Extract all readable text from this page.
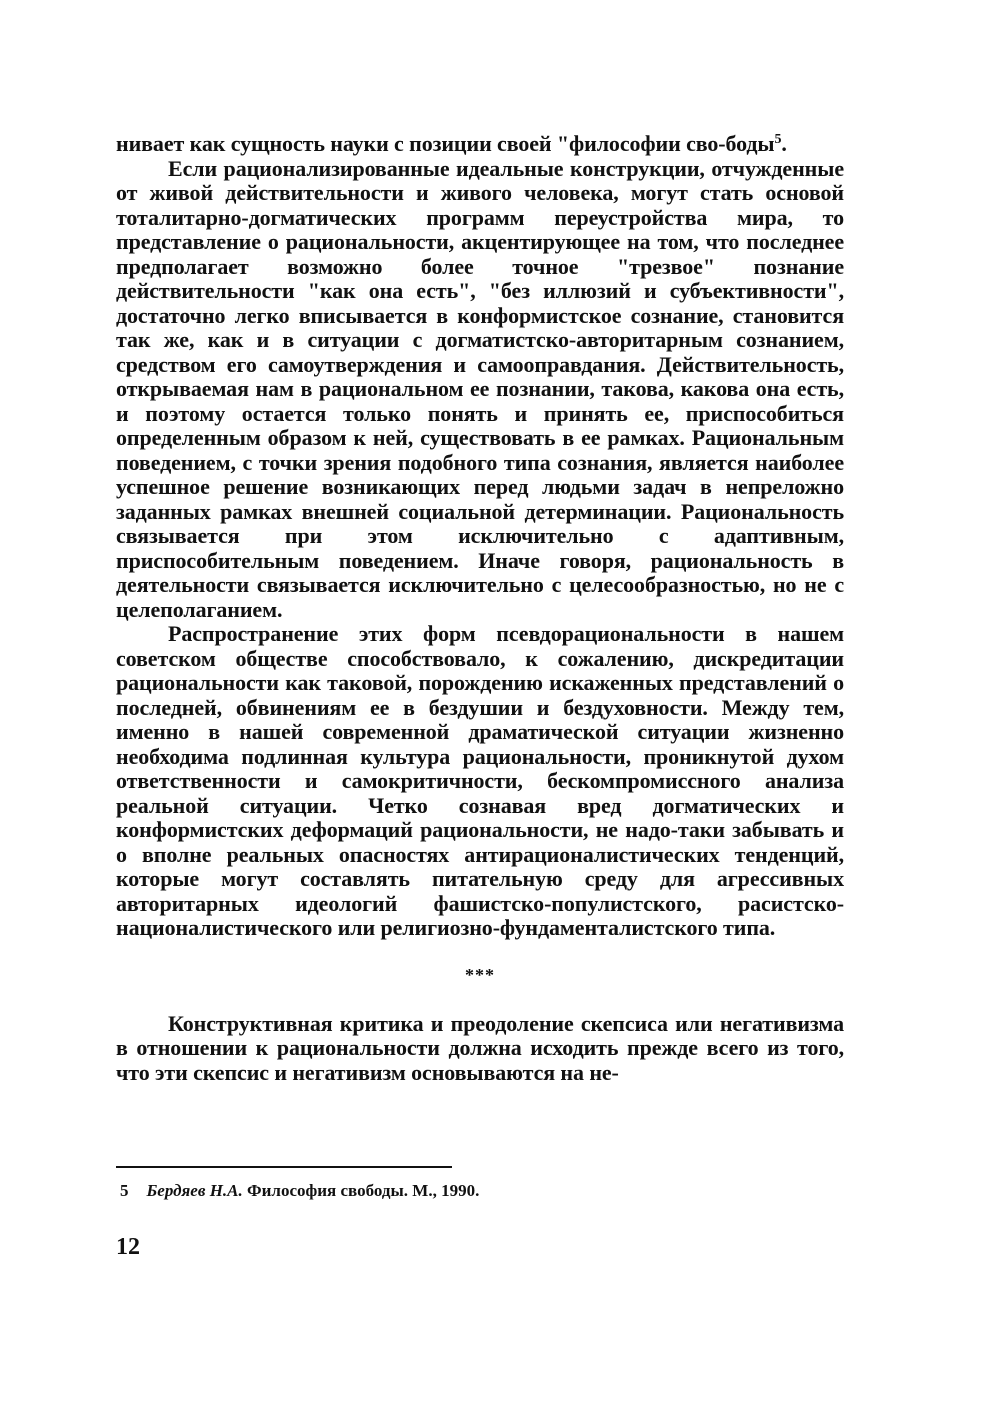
нивает как сущность науки с позиции своей "философии сво-боды$^5$.

Если рационализированные идеальные конструкции, отчужденные от живой действительности и живого человека, могут стать основой тоталитарно-догматических программ переустройства мира, то представление о рациональности, акцентирующее на том, что последнее предполагает возможно более точное "трезвое" познание действительности "как она есть", "без иллюзий и субъективности", достаточно легко вписывается в конформистское сознание, становится так же, как и в ситуации с догматистско-авторитарным сознанием, средством его самоутверждения и самооправдания. Действительность, открываемая нам в рациональном ее познании, такова, какова она есть, и поэтому остается только понять и принять ее, приспособиться определенным образом к ней, существовать в ее рамках. Рациональным поведением, с точки зрения подобного типа сознания, является наиболее успешное решение возникающих перед людьми задач в непреложно заданных рамках внешней социальной детерминации. Рациональность связывается при этом исключительно с адаптивным, приспособительным поведением. Иначе говоря, рациональность в деятельности связывается исключительно с целесообразностью, но не с целеполаганием.

Распространение этих форм псевдорациональности в нашем советском обществе способствовало, к сожалению, дискредитации рациональности как таковой, порождению искаженных представлений о последней, обвинениям ее в бездушии и бездуховности. Между тем, именно в нашей современной драматической ситуации жизненно необходима подлинная культура рациональности, проникнутой духом ответственности и самокритичности, бескомпромиссного анализа реальной ситуации. Четко сознавая вред догматических и конформистских деформаций рациональности, не надо-таки забывать и о вполне реальных опасностях антирационалистических тенденций, которые могут составлять питательную среду для агрессивных авторитарных идеологий фашистско-популистского, расистско-националистического или религиозно-фундаменталистского типа.

***

Конструктивная критика и преодоление скепсиса или негативизма в отношении к рациональности должна исходить прежде всего из того, что эти скепсис и негативизм основываются на не-

5 Бердяев Н.А. Философия свободы. М., 1990.
12
